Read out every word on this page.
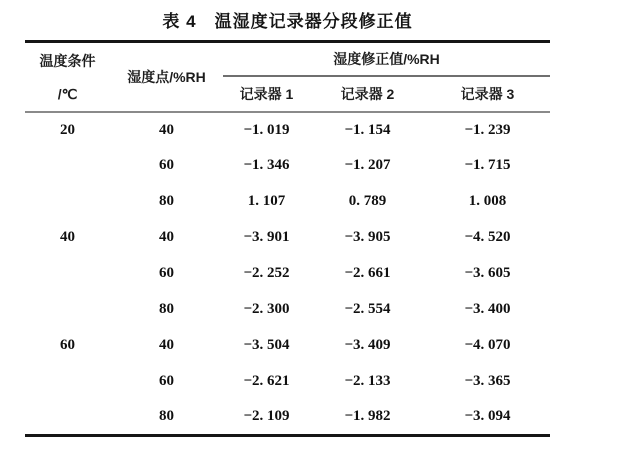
表 4　温湿度记录器分段修正值
温度条件
/℃	湿度点/%RH	湿度修正值/%RH		
		记录器 1	记录器 2	记录器 3
20	40	−1. 019	−1. 154	−1. 239
	60	−1. 346	−1. 207	−1. 715
	80	1. 107	0. 789	1. 008
40	40	−3. 901	−3. 905	−4. 520
	60	−2. 252	−2. 661	−3. 605
	80	−2. 300	−2. 554	−3. 400
60	40	−3. 504	−3. 409	−4. 070
	60	−2. 621	−2. 133	−3. 365
	80	−2. 109	−1. 982	−3. 094
